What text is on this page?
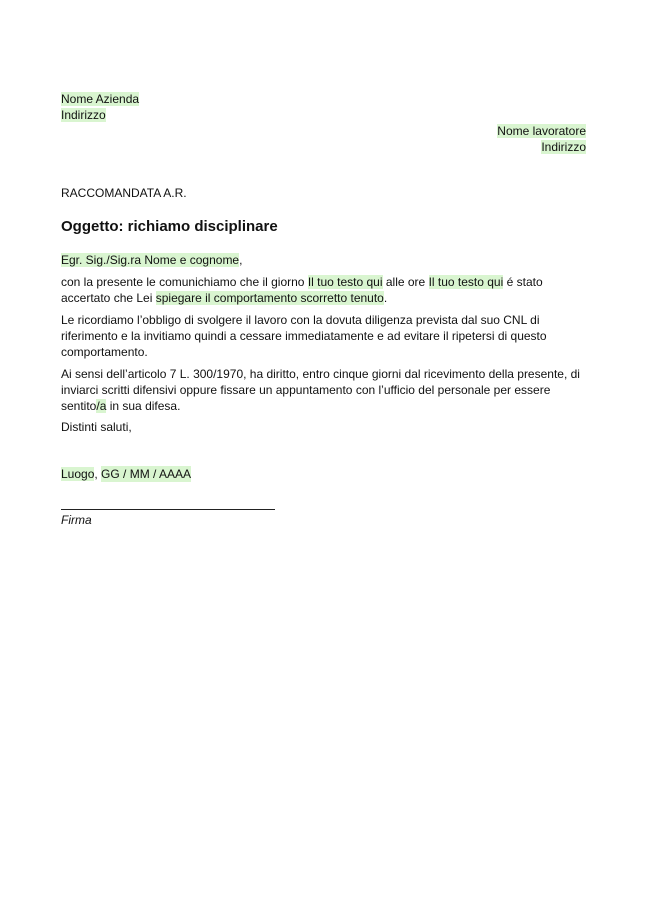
Nome Azienda
Indirizzo
Nome lavoratore
Indirizzo
RACCOMANDATA A.R.
Oggetto: richiamo disciplinare
Egr. Sig./Sig.ra Nome e cognome,
con la presente le comunichiamo che il giorno Il tuo testo qui alle ore Il tuo testo qui é stato accertato che Lei spiegare il comportamento scorretto tenuto.
Le ricordiamo l’obbligo di svolgere il lavoro con la dovuta diligenza prevista dal suo CNL di riferimento e la invitiamo quindi a cessare immediatamente e ad evitare il ripetersi di questo comportamento.
Ai sensi dell’articolo 7 L. 300/1970, ha diritto, entro cinque giorni dal ricevimento della presente, di inviarci scritti difensivi oppure fissare un appuntamento con l’ufficio del personale per essere sentito/a in sua difesa.
Distinti saluti,
Luogo, GG / MM / AAAA
Firma
